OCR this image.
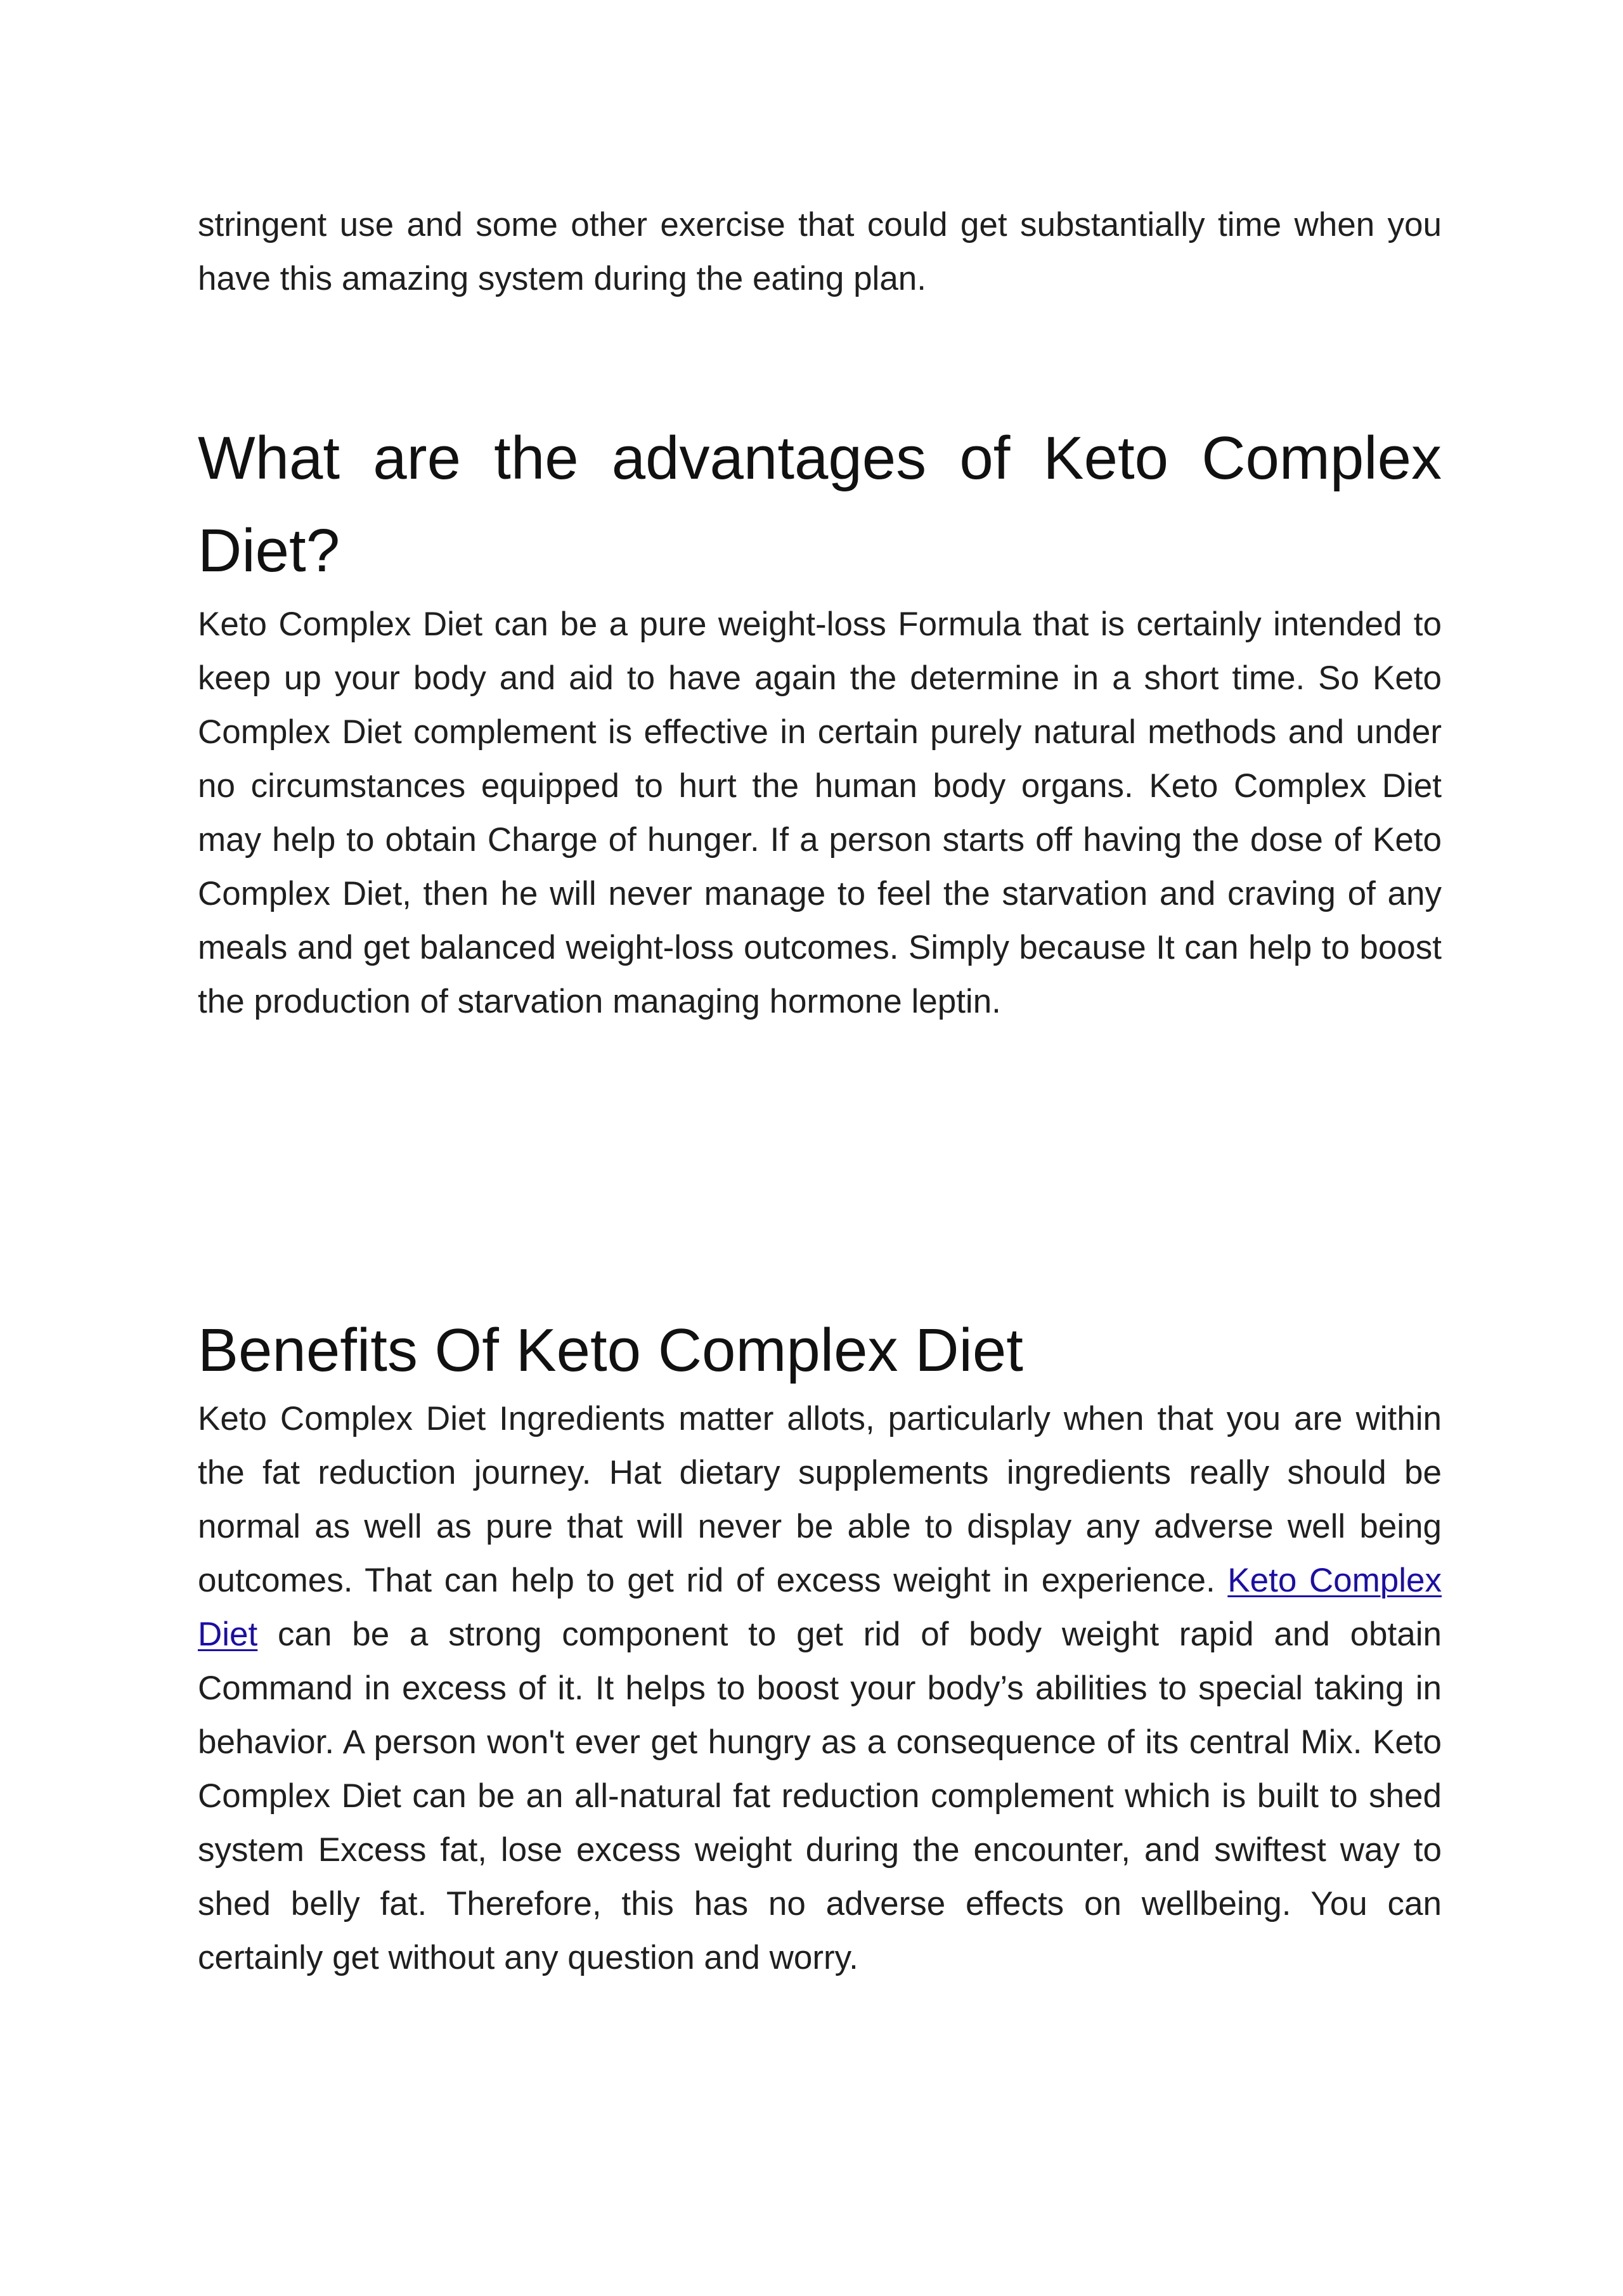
stringent use and some other exercise that could get substantially time when you have this amazing system during the eating plan.

What are the advantages of Keto Complex Diet?

Keto Complex Diet can be a pure weight-loss Formula that is certainly intended to keep up your body and aid to have again the determine in a short time. So Keto Complex Diet complement is effective in certain purely natural methods and under no circumstances equipped to hurt the human body organs. Keto Complex Diet may help to obtain Charge of hunger. If a person starts off having the dose of Keto Complex Diet, then he will never manage to feel the starvation and craving of any meals and get balanced weight-loss outcomes. Simply because It can help to boost the production of starvation managing hormone leptin.

Benefits Of Keto Complex Diet

Keto Complex Diet Ingredients matter allots, particularly when that you are within the fat reduction journey. Hat dietary supplements ingredients really should be normal as well as pure that will never be able to display any adverse well being outcomes. That can help to get rid of excess weight in experience. Keto Complex Diet can be a strong component to get rid of body weight rapid and obtain Command in excess of it. It helps to boost your body’s abilities to special taking in behavior. A person won't ever get hungry as a consequence of its central Mix. Keto Complex Diet can be an all-natural fat reduction complement which is built to shed system Excess fat, lose excess weight during the encounter, and swiftest way to shed belly fat. Therefore, this has no adverse effects on wellbeing. You can certainly get without any question and worry.
